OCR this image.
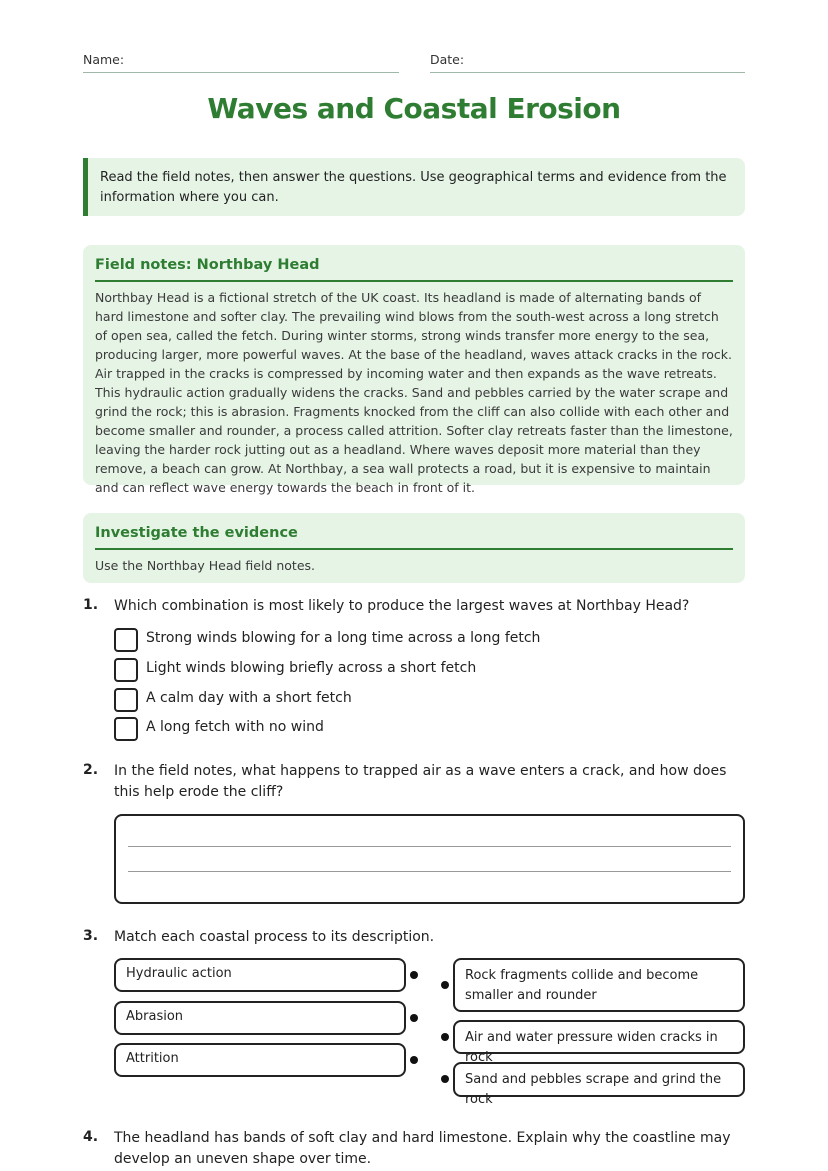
Name:	Date:
Waves and Coastal Erosion
Read the field notes, then answer the questions. Use geographical terms and evidence from the information where you can.
Field notes: Northbay Head
Northbay Head is a fictional stretch of the UK coast. Its headland is made of alternating bands of hard limestone and softer clay. The prevailing wind blows from the south-west across a long stretch of open sea, called the fetch. During winter storms, strong winds transfer more energy to the sea, producing larger, more powerful waves. At the base of the headland, waves attack cracks in the rock. Air trapped in the cracks is compressed by incoming water and then expands as the wave retreats. This hydraulic action gradually widens the cracks. Sand and pebbles carried by the water scrape and grind the rock; this is abrasion. Fragments knocked from the cliff can also collide with each other and become smaller and rounder, a process called attrition. Softer clay retreats faster than the limestone, leaving the harder rock jutting out as a headland. Where waves deposit more material than they remove, a beach can grow. At Northbay, a sea wall protects a road, but it is expensive to maintain and can reflect wave energy towards the beach in front of it.
Investigate the evidence
Use the Northbay Head field notes.
1. Which combination is most likely to produce the largest waves at Northbay Head?
Strong winds blowing for a long time across a long fetch
Light winds blowing briefly across a short fetch
A calm day with a short fetch
A long fetch with no wind
2. In the field notes, what happens to trapped air as a wave enters a crack, and how does this help erode the cliff?
3. Match each coastal process to its description.
Hydraulic action
Abrasion
Attrition
Rock fragments collide and become smaller and rounder
Air and water pressure widen cracks in rock
Sand and pebbles scrape and grind the rock
4. The headland has bands of soft clay and hard limestone. Explain why the coastline may develop an uneven shape over time.
